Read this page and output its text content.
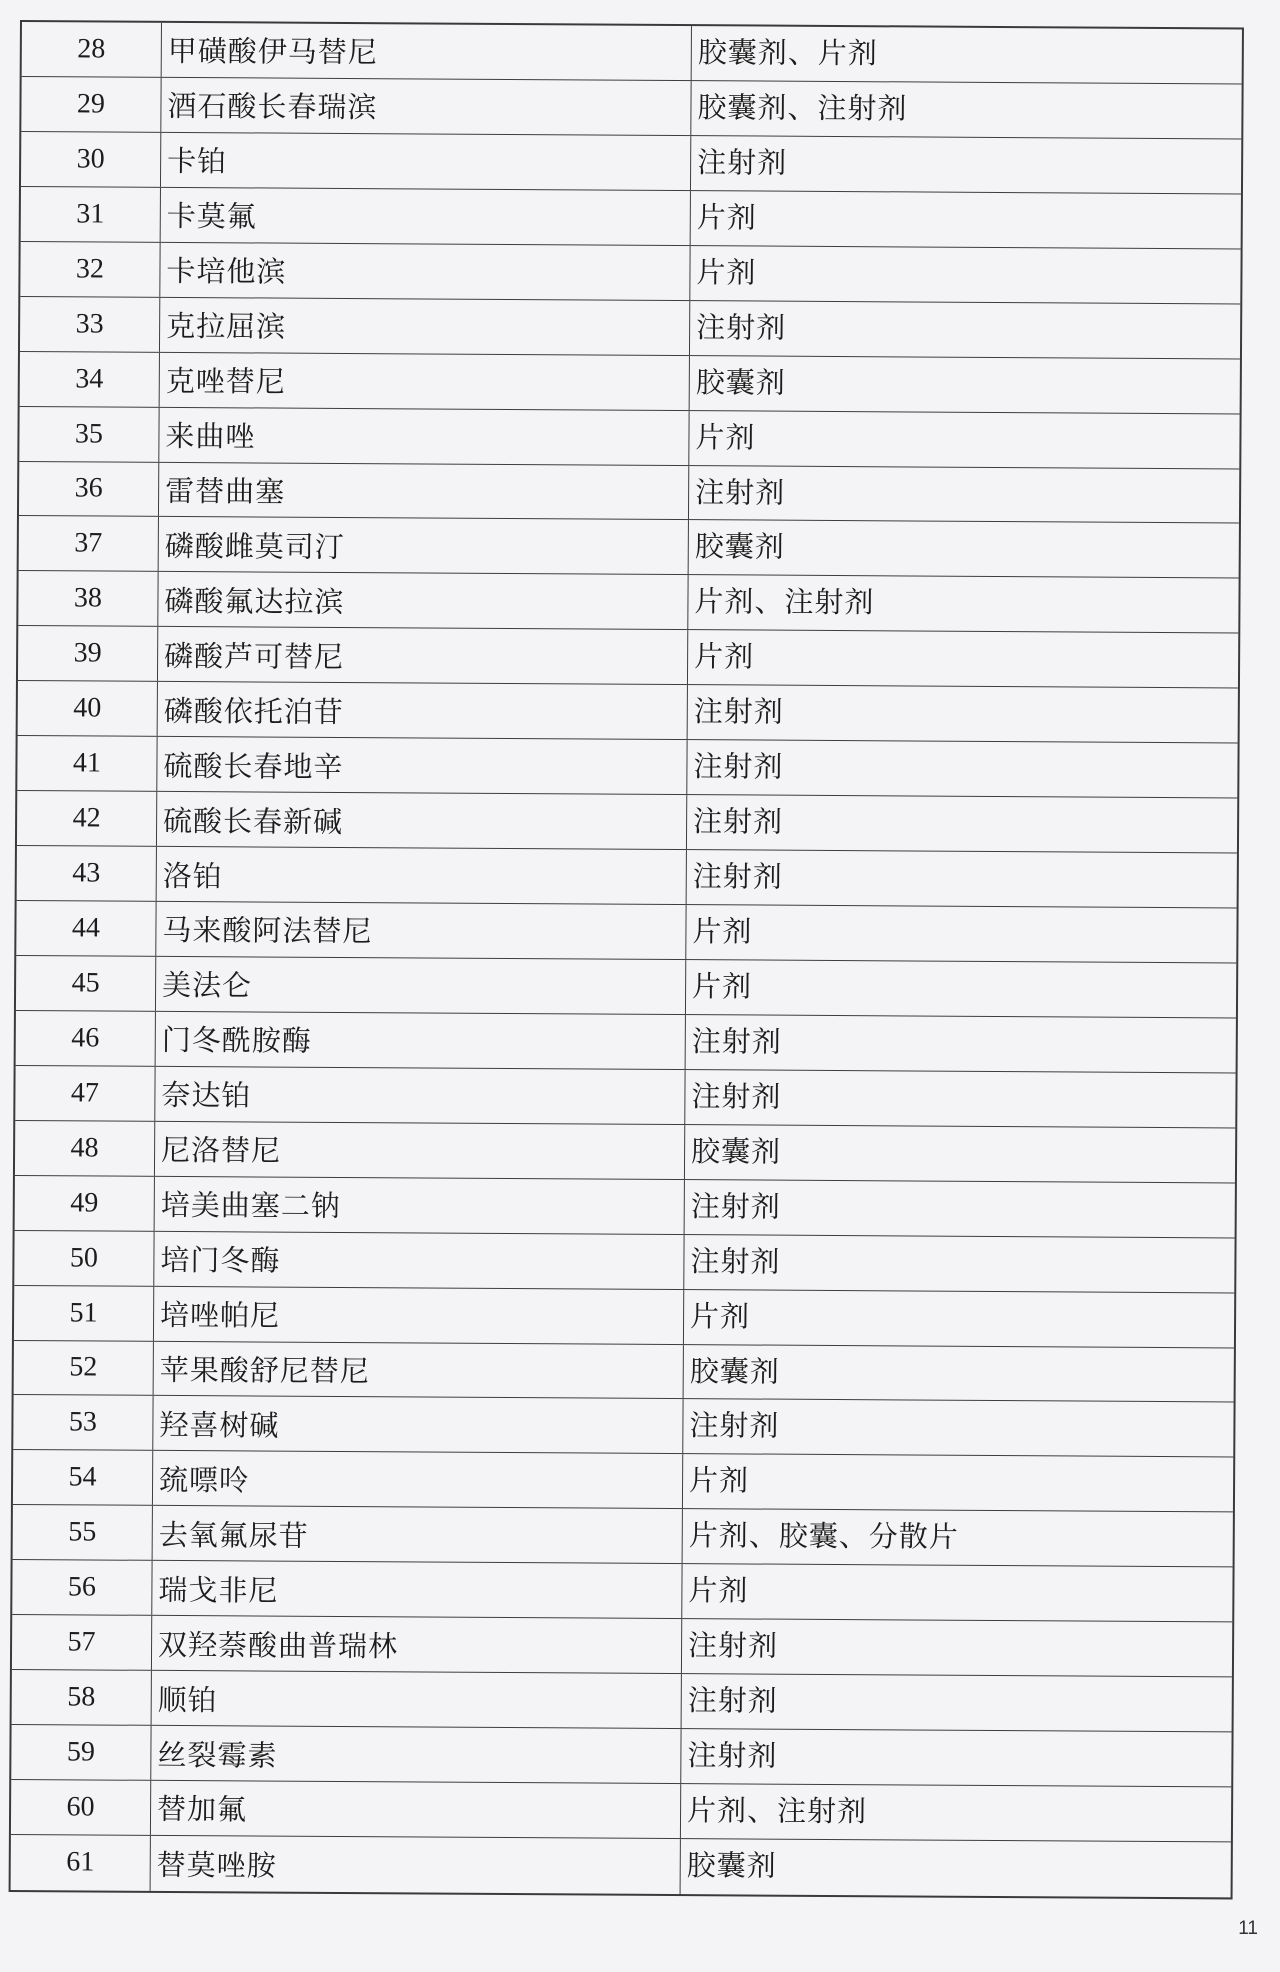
28	甲磺酸伊马替尼	胶囊剂、片剂
29	酒石酸长春瑞滨	胶囊剂、注射剂
30	卡铂	注射剂
31	卡莫氟	片剂
32	卡培他滨	片剂
33	克拉屈滨	注射剂
34	克唑替尼	胶囊剂
35	来曲唑	片剂
36	雷替曲塞	注射剂
37	磷酸雌莫司汀	胶囊剂
38	磷酸氟达拉滨	片剂、注射剂
39	磷酸芦可替尼	片剂
40	磷酸依托泊苷	注射剂
41	硫酸长春地辛	注射剂
42	硫酸长春新碱	注射剂
43	洛铂	注射剂
44	马来酸阿法替尼	片剂
45	美法仑	片剂
46	门冬酰胺酶	注射剂
47	奈达铂	注射剂
48	尼洛替尼	胶囊剂
49	培美曲塞二钠	注射剂
50	培门冬酶	注射剂
51	培唑帕尼	片剂
52	苹果酸舒尼替尼	胶囊剂
53	羟喜树碱	注射剂
54	巯嘌呤	片剂
55	去氧氟尿苷	片剂、胶囊、分散片
56	瑞戈非尼	片剂
57	双羟萘酸曲普瑞林	注射剂
58	顺铂	注射剂
59	丝裂霉素	注射剂
60	替加氟	片剂、注射剂
61	替莫唑胺	胶囊剂
11
